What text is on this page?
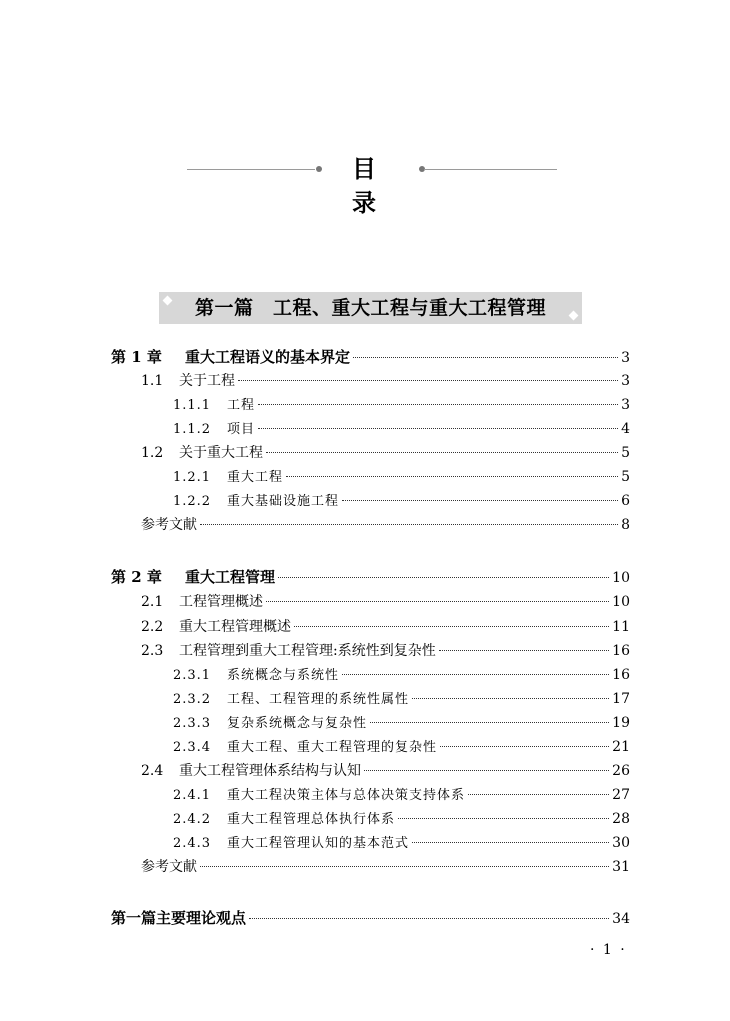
目 录
第一篇　工程、重大工程与重大工程管理
第 1 章	重大工程语义的基本界定	3
1.1	关于工程	3
1.1.1	工程	3
1.1.2	项目	4
1.2	关于重大工程	5
1.2.1	重大工程	5
1.2.2	重大基础设施工程	6
参考文献	8
第 2 章	重大工程管理	10
2.1	工程管理概述	10
2.2	重大工程管理概述	11
2.3	工程管理到重大工程管理:系统性到复杂性	16
2.3.1	系统概念与系统性	16
2.3.2	工程、工程管理的系统性属性	17
2.3.3	复杂系统概念与复杂性	19
2.3.4	重大工程、重大工程管理的复杂性	21
2.4	重大工程管理体系结构与认知	26
2.4.1	重大工程决策主体与总体决策支持体系	27
2.4.2	重大工程管理总体执行体系	28
2.4.3	重大工程管理认知的基本范式	30
参考文献	31
第一篇主要理论观点	34
· 1 ·
